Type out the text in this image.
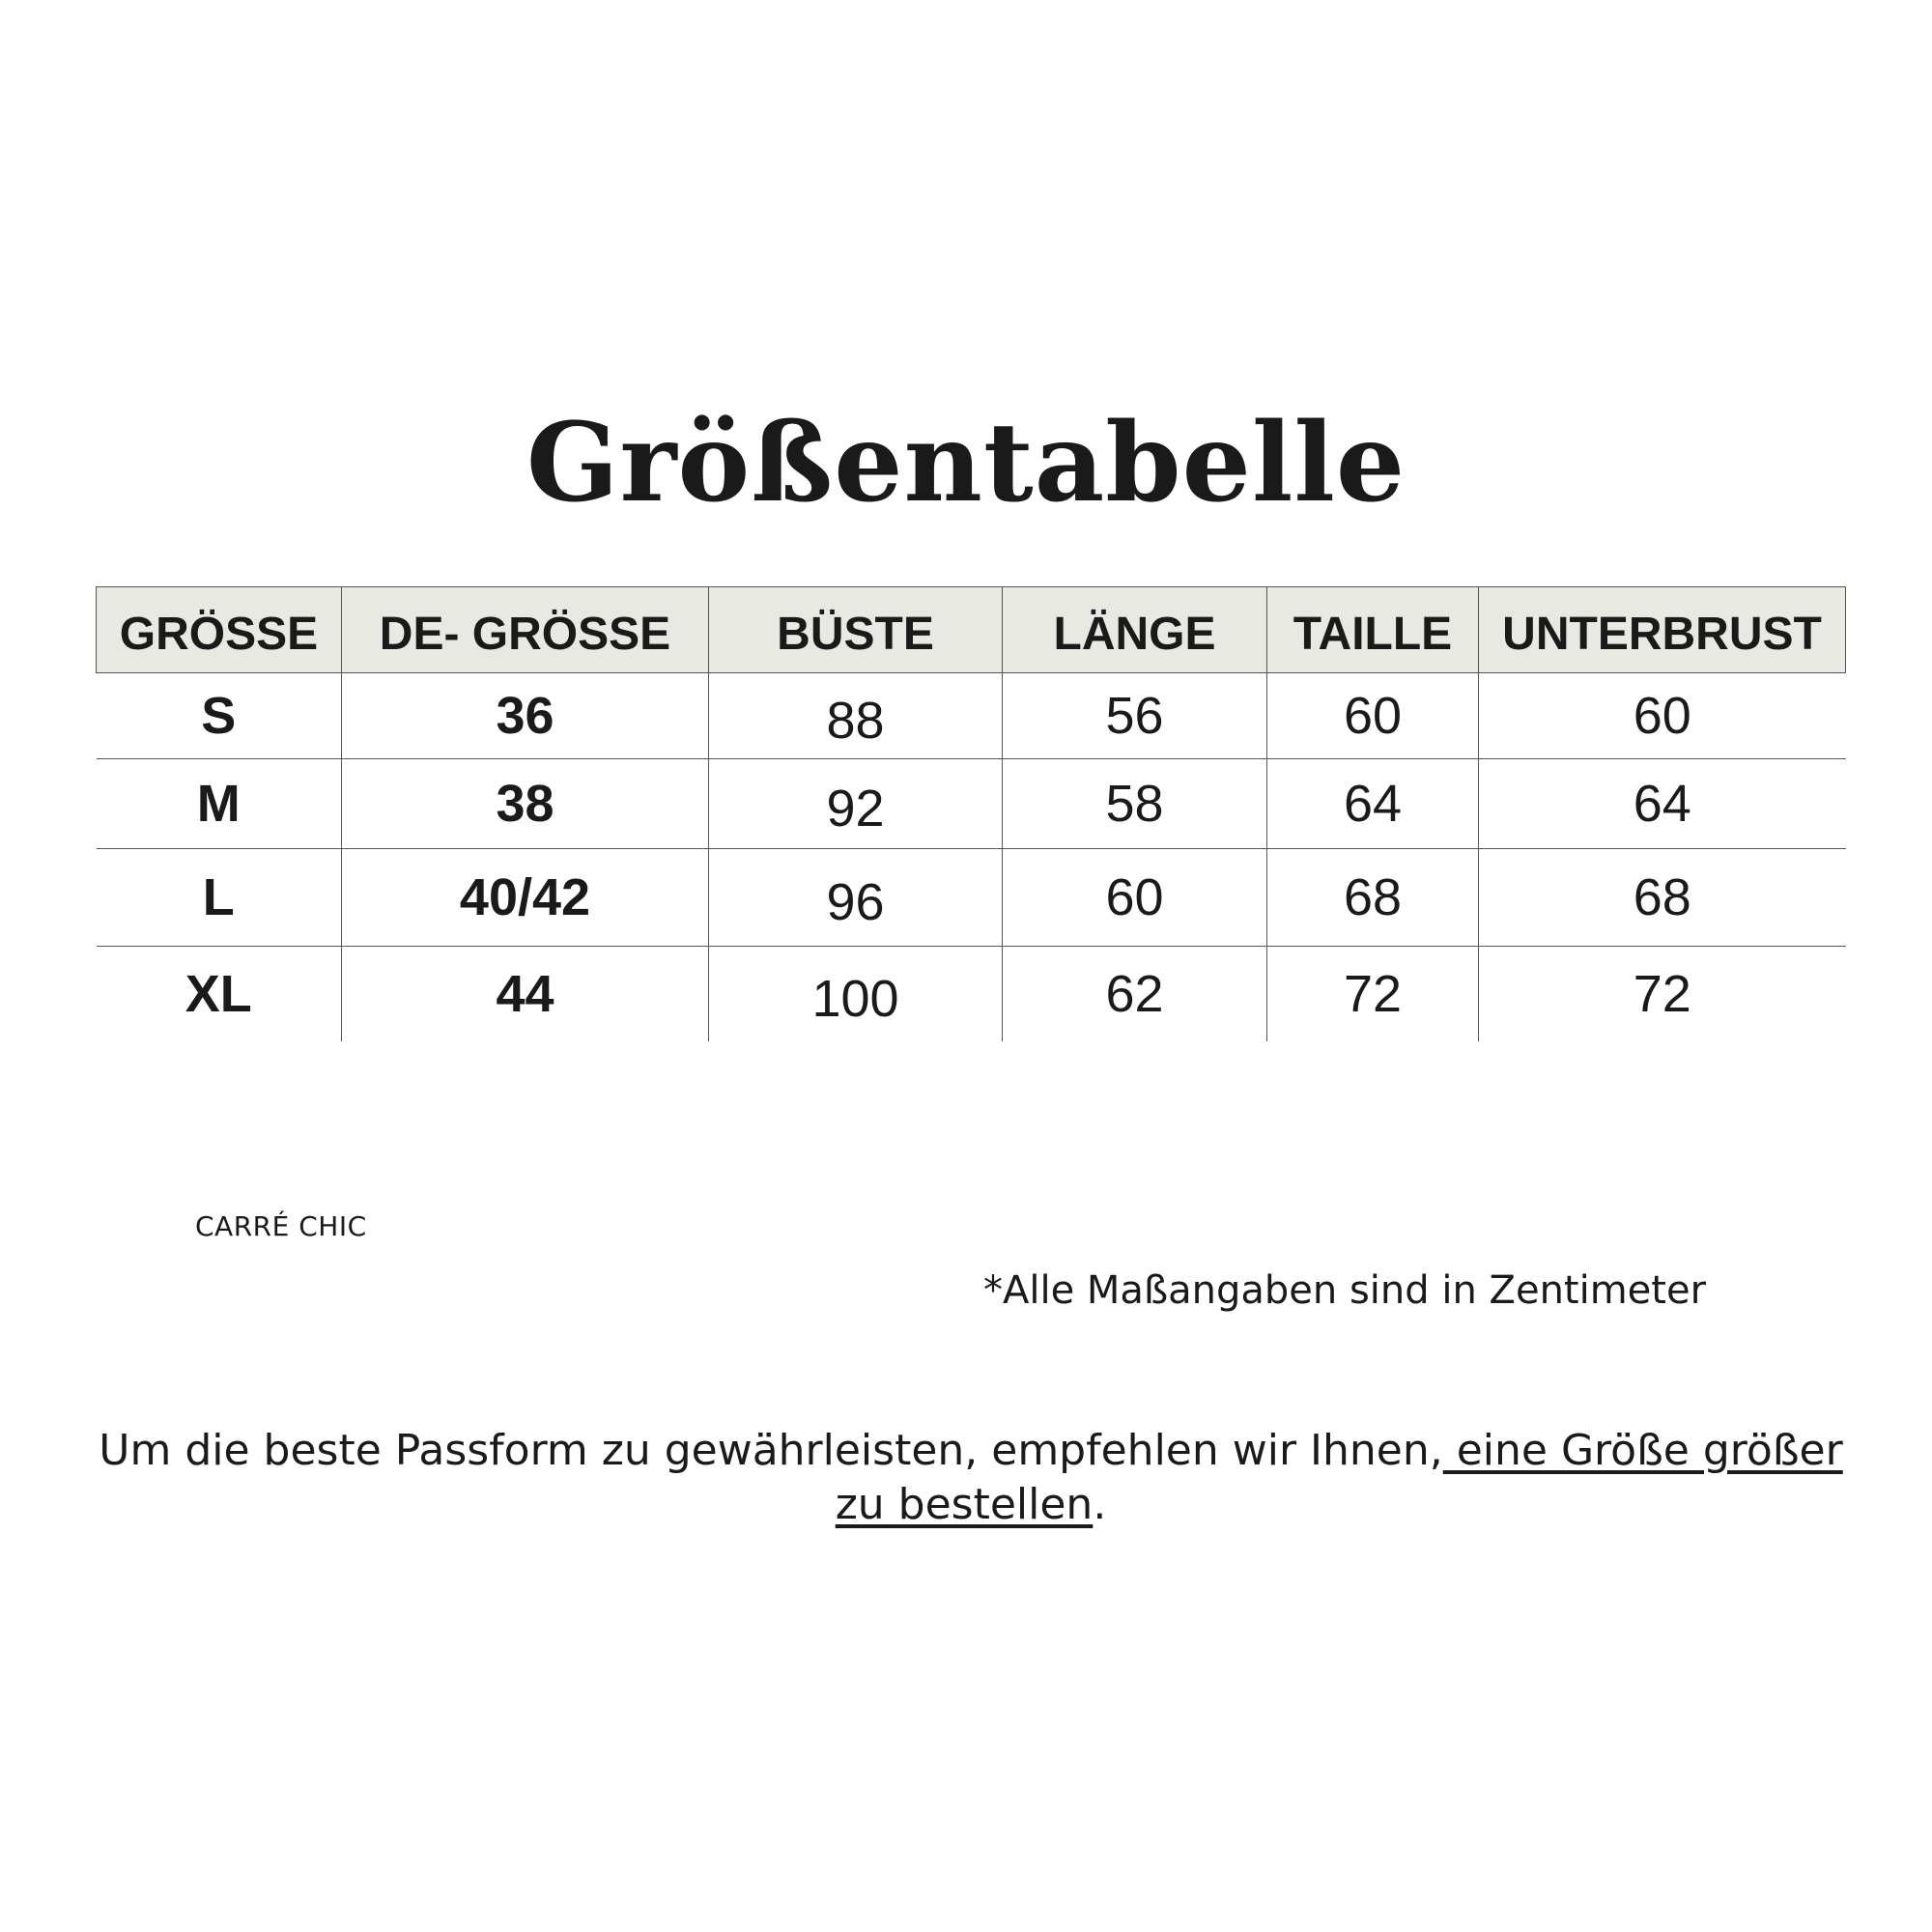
Größentabelle
GRÖSSE	DE- GRÖSSE	BÜSTE	LÄNGE	TAILLE	UNTERBRUST
S	36	88	56	60	60
M	38	92	58	64	64
L	40/42	96	60	68	68
XL	44	100	62	72	72
CARRÉ CHIC
*Alle Maßangaben sind in Zentimeter

Um die beste Passform zu gewährleisten, empfehlen wir Ihnen, eine Größe größer zu bestellen.
